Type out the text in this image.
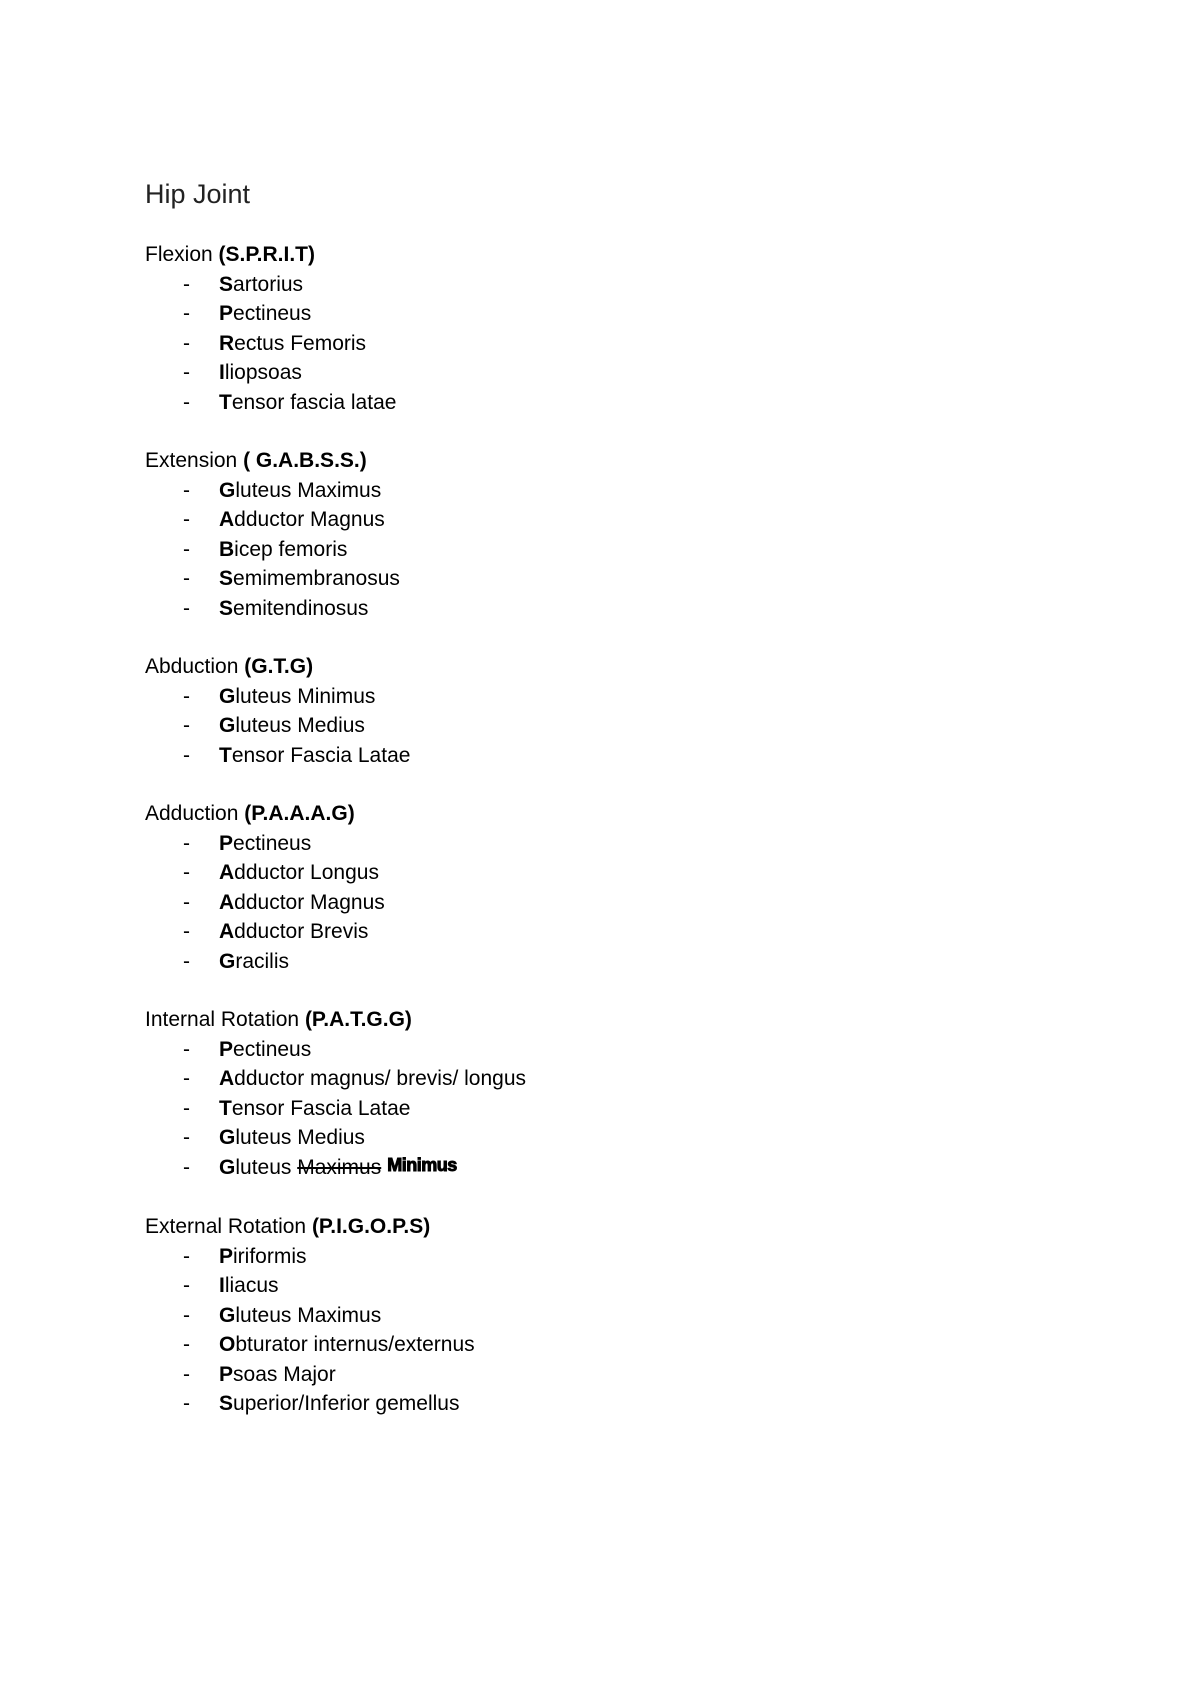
Hip Joint
Flexion (S.P.R.I.T)
- Sartorius
- Pectineus
- Rectus Femoris
- Iliopsoas
- Tensor fascia latae
Extension ( G.A.B.S.S.)
- Gluteus Maximus
- Adductor Magnus
- Bicep femoris
- Semimembranosus
- Semitendinosus
Abduction (G.T.G)
- Gluteus Minimus
- Gluteus Medius
- Tensor Fascia Latae
Adduction (P.A.A.A.G)
- Pectineus
- Adductor Longus
- Adductor Magnus
- Adductor Brevis
- Gracilis
Internal Rotation (P.A.T.G.G)
- Pectineus
- Adductor magnus/ brevis/ longus
- Tensor Fascia Latae
- Gluteus Medius
- Gluteus Maximus Minimus
External Rotation (P.I.G.O.P.S)
- Piriformis
- Iliacus
- Gluteus Maximus
- Obturator internus/externus
- Psoas Major
- Superior/Inferior gemellus
